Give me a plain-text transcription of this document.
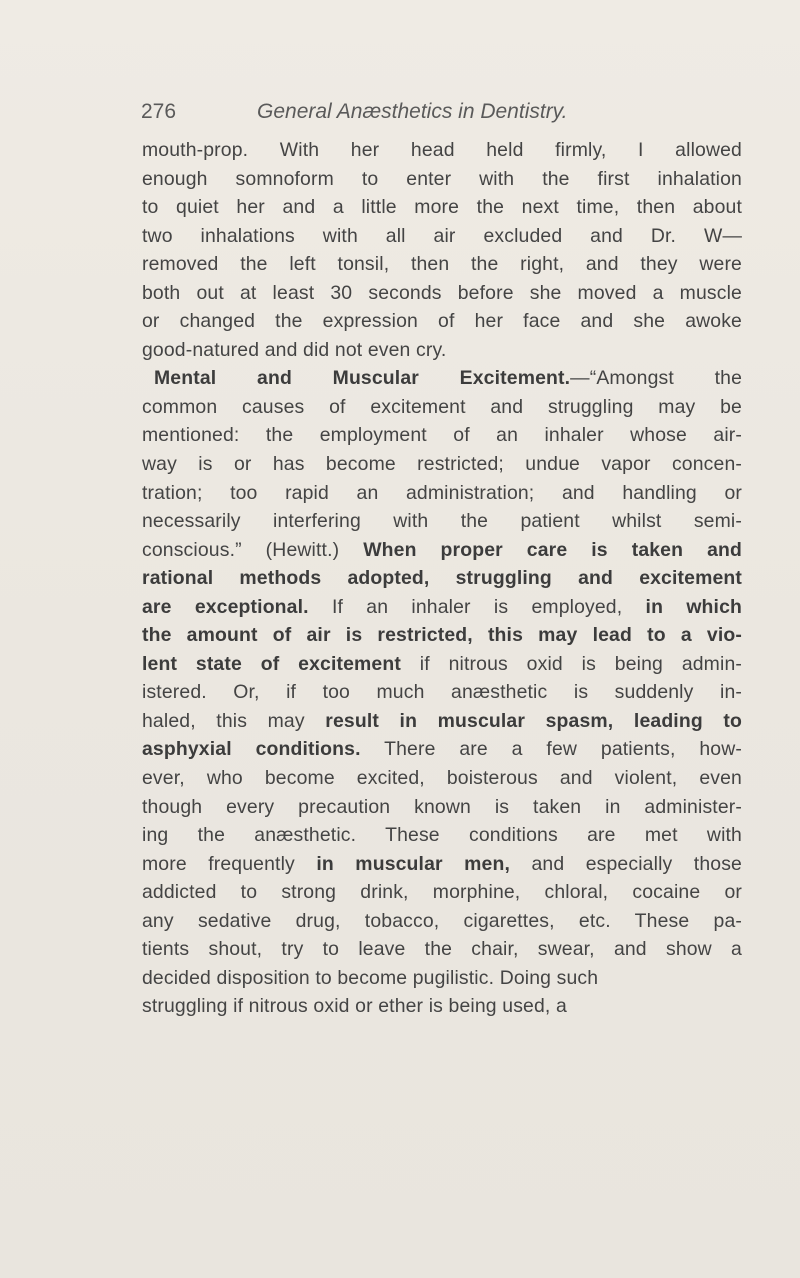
276	General Anæsthetics in Dentistry.
mouth-prop. With her head held firmly, I allowed
enough somnoform to enter with the first inhalation
to quiet her and a little more the next time, then about
two inhalations with all air excluded and Dr. W—
removed the left tonsil, then the right, and they were
both out at least 30 seconds before she moved a muscle
or changed the expression of her face and she awoke
good-natured and did not even cry.
Mental and Muscular Excitement.—“Amongst the
common causes of excitement and struggling may be
mentioned: the employment of an inhaler whose air-
way is or has become restricted; undue vapor concen-
tration; too rapid an administration; and handling or
necessarily interfering with the patient whilst semi-
conscious.” (Hewitt.) When proper care is taken and
rational methods adopted, struggling and excitement
are exceptional. If an inhaler is employed, in which
the amount of air is restricted, this may lead to a vio-
lent state of excitement if nitrous oxid is being admin-
istered. Or, if too much anæsthetic is suddenly in-
haled, this may result in muscular spasm, leading to
asphyxial conditions. There are a few patients, how-
ever, who become excited, boisterous and violent, even
though every precaution known is taken in administer-
ing the anæsthetic. These conditions are met with
more frequently in muscular men, and especially those
addicted to strong drink, morphine, chloral, cocaine or
any sedative drug, tobacco, cigarettes, etc. These pa-
tients shout, try to leave the chair, swear, and show a
decided disposition to become pugilistic. Doing such
struggling if nitrous oxid or ether is being used, a
